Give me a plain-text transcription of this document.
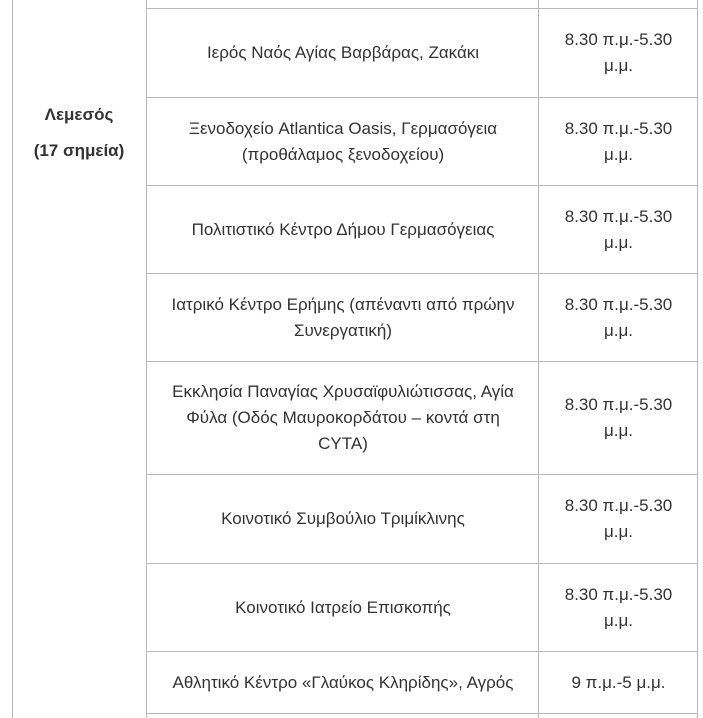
Λεμεσός
(17 σημεία)
Ιερός Ναός Αγίας Βαρβάρας, Ζακάκι
8.30 π.μ.-5.30 μ.μ.
Ξενοδοχείο Atlantica Oasis, Γερμασόγεια (προθάλαμος ξενοδοχείου)
8.30 π.μ.-5.30 μ.μ.
Πολιτιστικό Κέντρο Δήμου Γερμασόγειας
8.30 π.μ.-5.30 μ.μ.
Ιατρικό Κέντρο Ερήμης (απέναντι από πρώην Συνεργατική)
8.30 π.μ.-5.30 μ.μ.
Εκκλησία Παναγίας Χρυσαϊφυλιώτισσας, Αγία Φύλα (Οδός Μαυροκορδάτου – κοντά στη CYTA)
8.30 π.μ.-5.30 μ.μ.
Κοινοτικό Συμβούλιο Τριμίκλινης
8.30 π.μ.-5.30 μ.μ.
Κοινοτικό Ιατρείο Επισκοπής
8.30 π.μ.-5.30 μ.μ.
Αθλητικό Κέντρο «Γλαύκος Κληρίδης», Αγρός	9 π.μ.-5 μ.μ.
